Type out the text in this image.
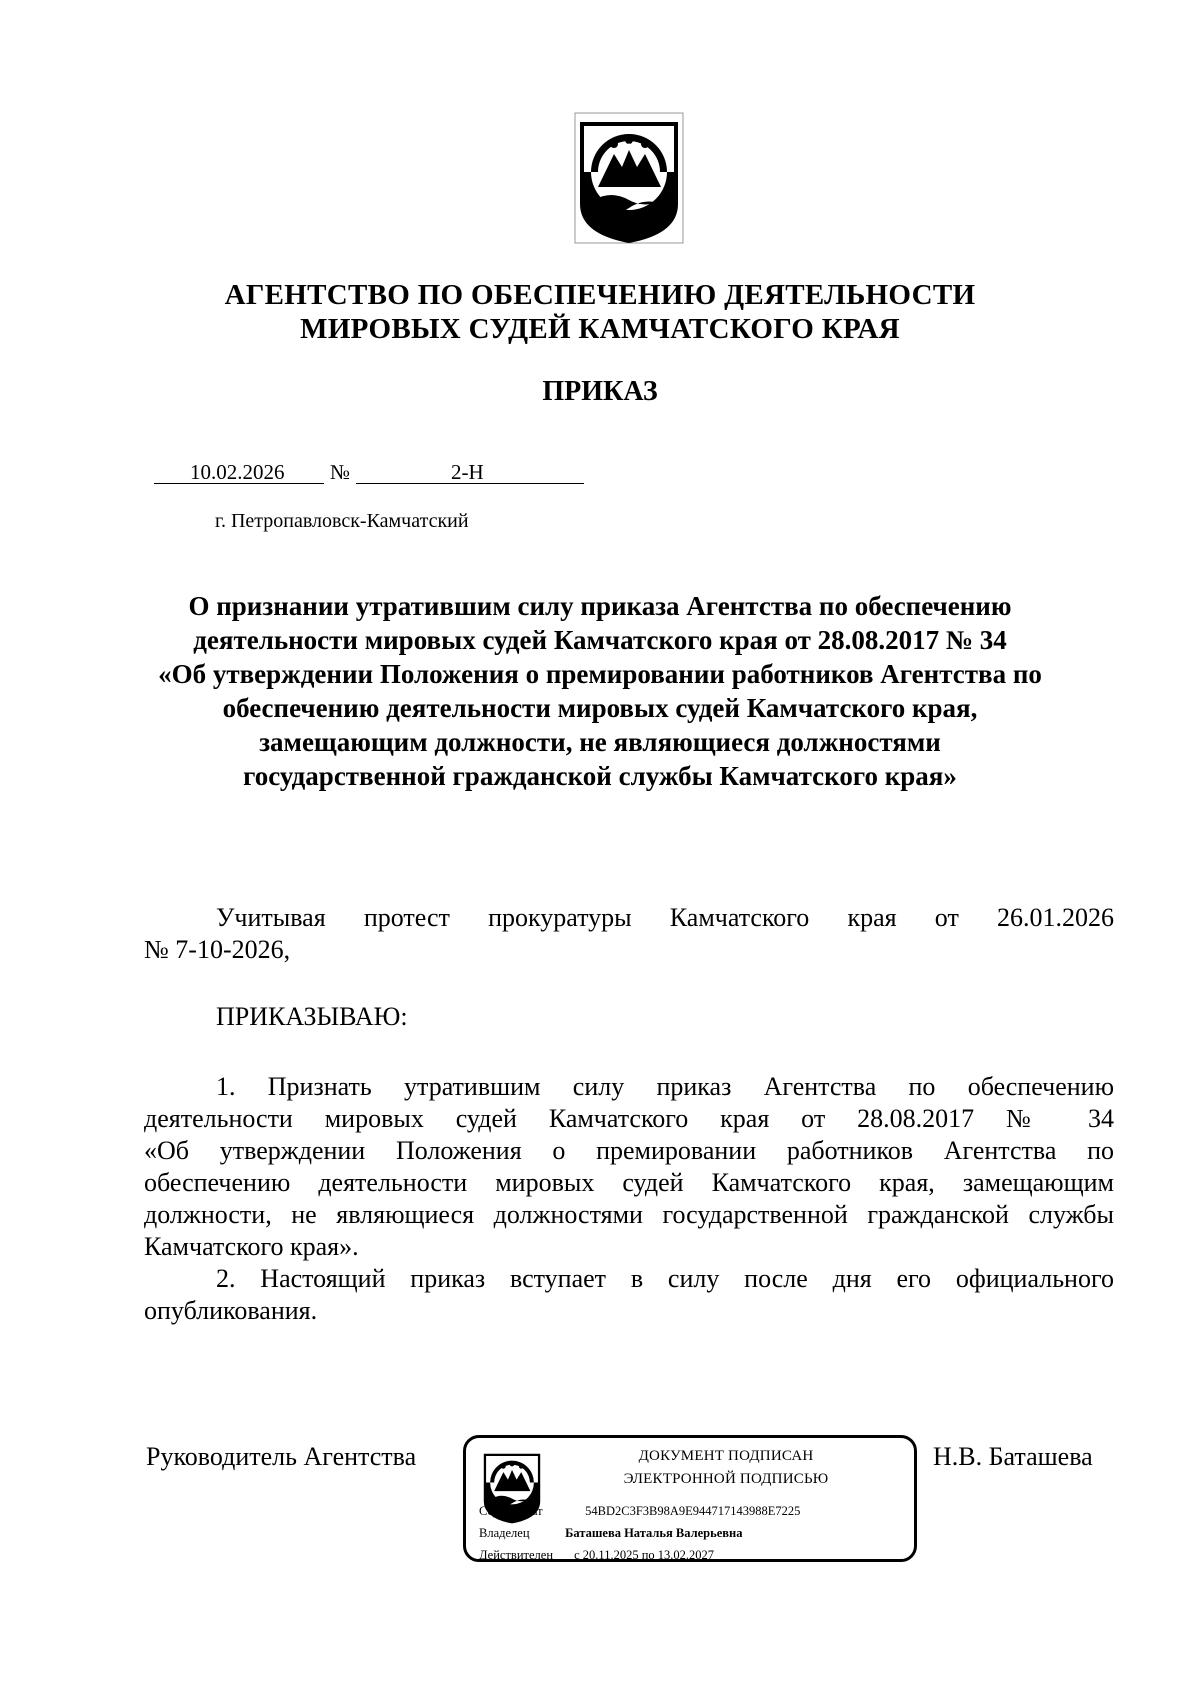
АГЕНТСТВО ПО ОБЕСПЕЧЕНИЮ ДЕЯТЕЛЬНОСТИ
МИРОВЫХ СУДЕЙ КАМЧАТСКОГО КРАЯ
ПРИКАЗ
10.02.2026 №	2-Н
г. Петропавловск-Камчатский
О признании утратившим силу приказа Агентства по обеспечению
деятельности мировых судей Камчатского края от 28.08.2017 № 34
«Об утверждении Положения о премировании работников Агентства по
обеспечению деятельности мировых судей Камчатского края,
замещающим должности, не являющиеся должностями
государственной гражданской службы Камчатского края»
Учитывая протест прокуратуры Камчатского края от 26.01.2026
№ 7-10-2026,
ПРИКАЗЫВАЮ:
1. Признать утратившим силу приказ Агентства по обеспечению
деятельности мировых судей Камчатского края от 28.08.2017 № 34
«Об утверждении Положения о премировании работников Агентства по
обеспечению деятельности мировых судей Камчатского края, замещающим
должности, не являющиеся должностями государственной гражданской службы
Камчатского края».
2. Настоящий приказ вступает в силу после дня его официального
опубликования.
Руководитель Агентства	Н.В. Баташева
ДОКУМЕНТ ПОДПИСАН
ЭЛЕКТРОННОЙ ПОДПИСЬЮ
Сертификат	54BD2C3F3B98A9E944717143988E7225
Владелец	Баташева Наталья Валерьевна
Действителен с 20.11.2025 по 13.02.2027
